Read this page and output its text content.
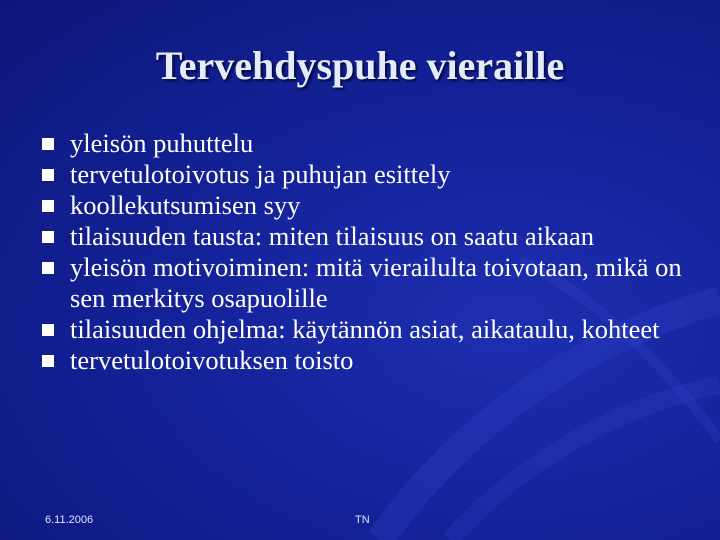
Tervehdyspuhe vieraille
yleisön puhuttelu
tervetulotoivotus ja puhujan esittely
koollekutsumisen syy
tilaisuuden tausta: miten tilaisuus on saatu aikaan
yleisön motivoiminen: mitä vierailulta toivotaan, mikä on sen merkitys osapuolille
tilaisuuden ohjelma: käytännön asiat, aikataulu, kohteet
tervetulotoivotuksen toisto
6.11.2006	TN
